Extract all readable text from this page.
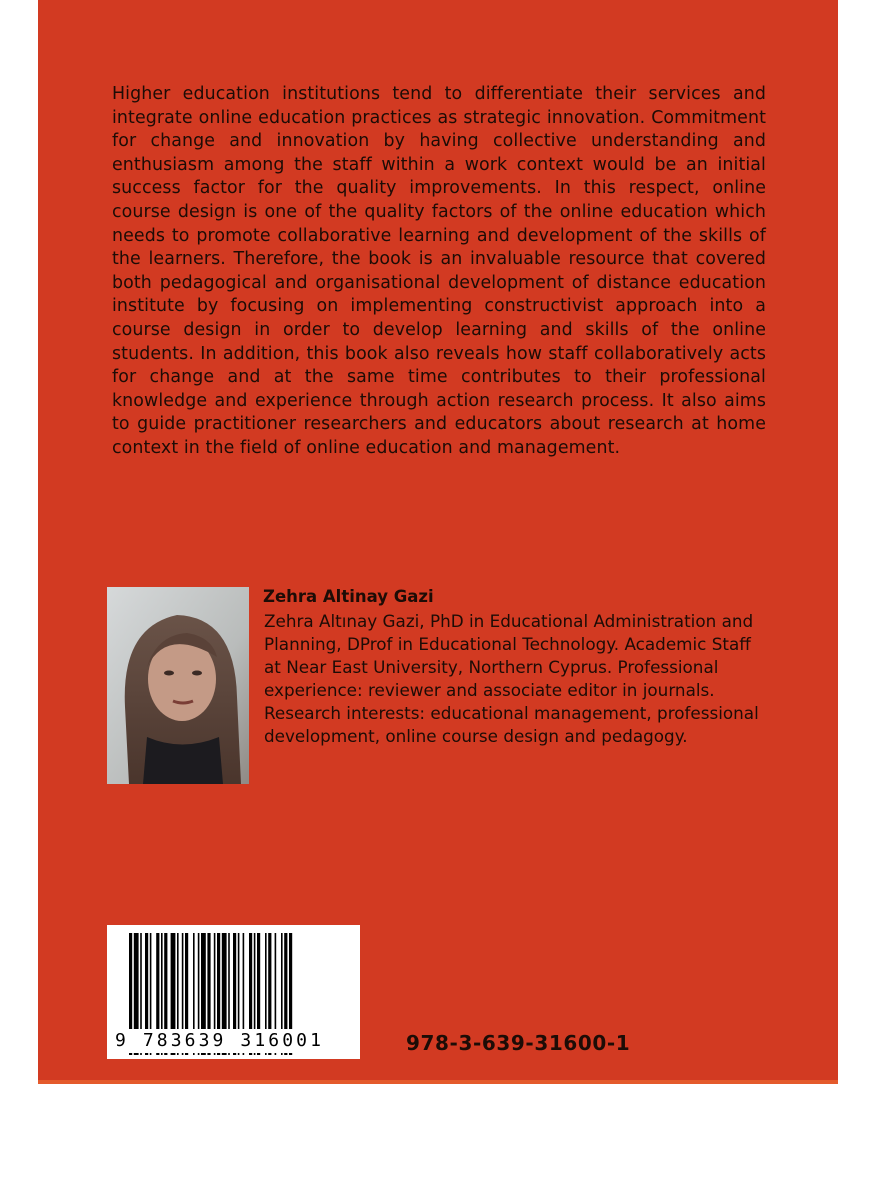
Higher education institutions tend to differentiate their services and integrate online education practices as strategic innovation. Commitment for change and innovation by having collective understanding and enthusiasm among the staff within a work context would be an initial success factor for the quality improvements. In this respect, online course design is one of the quality factors of the online education which needs to promote collaborative learning and development of the skills of the learners. Therefore, the book is an invaluable resource that covered both pedagogical and organisational development of distance education institute by focusing on implementing constructivist approach into a course design in order to develop learning and skills of the online students. In addition, this book also reveals how staff collaboratively acts for change and at the same time contributes to their professional knowledge and experience through action research process. It also aims to guide practitioner researchers and educators about research at home context in the field of online education and management.

Zehra Altinay Gazi

Zehra Altınay Gazi, PhD in Educational Administration and Planning, DProf in Educational Technology. Academic Staff at Near East University, Northern Cyprus. Professional experience: reviewer and associate editor in journals. Research interests: educational management, professional development, online course design and pedagogy.

9 783639 316001	978-3-639-31600-1
